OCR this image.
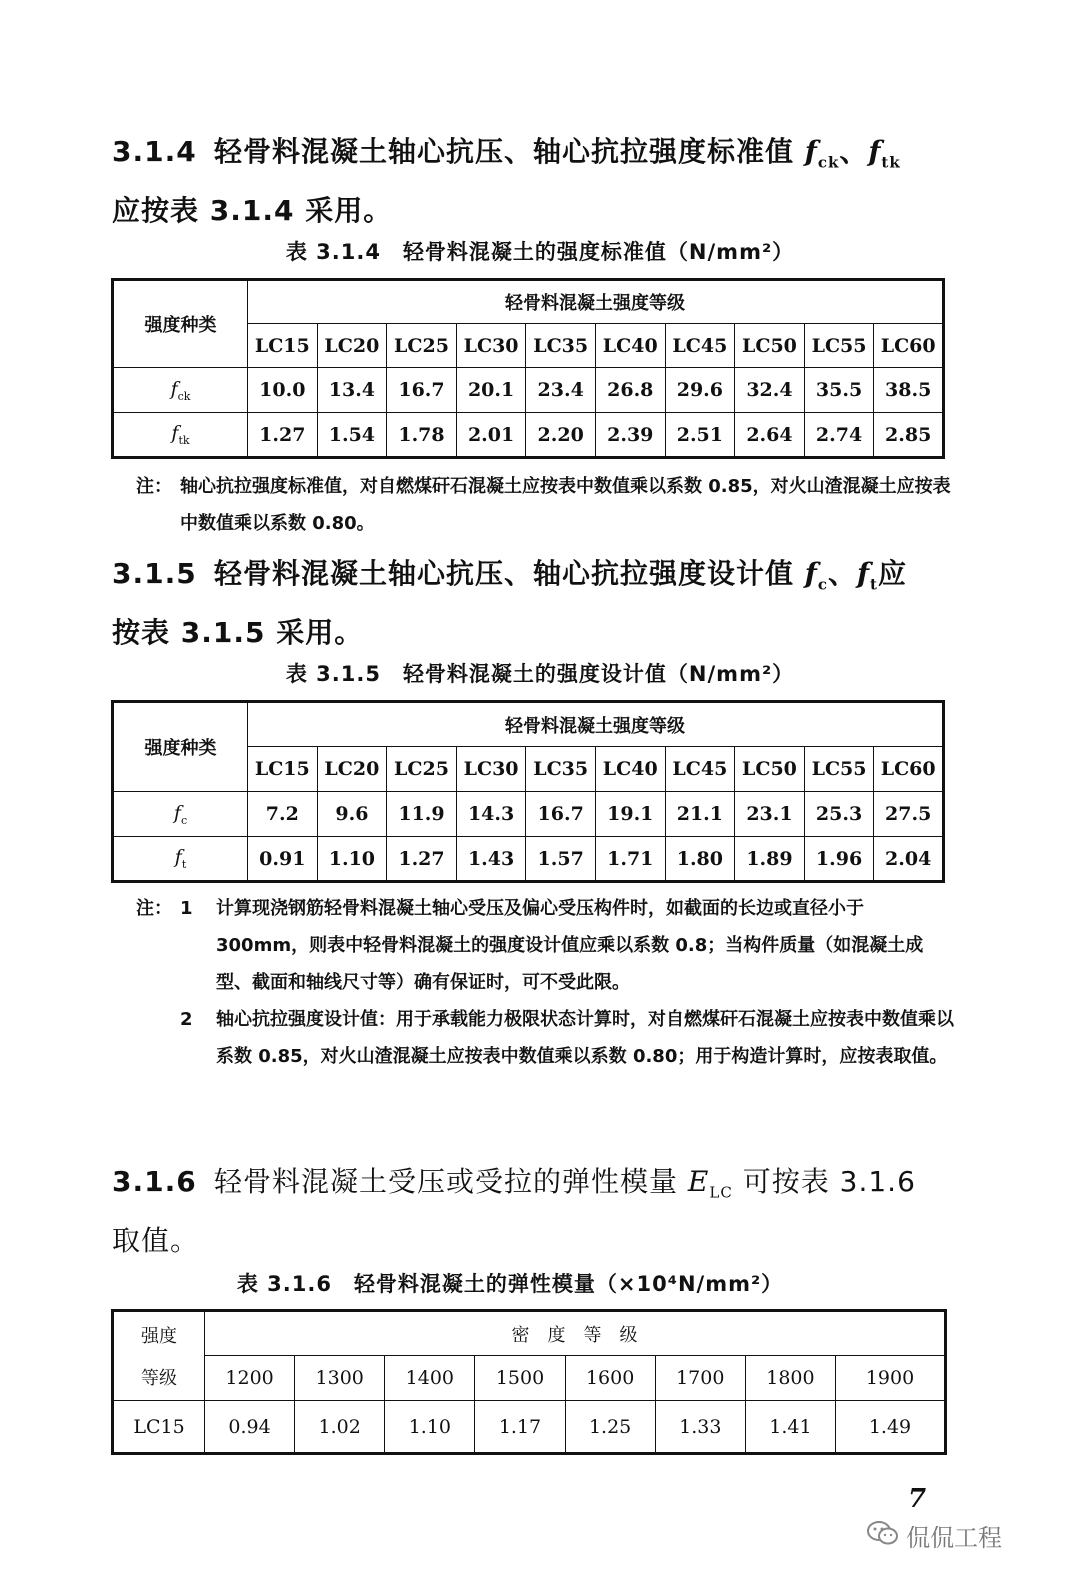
3.1.4 轻骨料混凝土轴心抗压、轴心抗拉强度标准值 $f_{ck}$、$f_{tk}$
应按表 3.1.4 采用。
表 3.1.4 轻骨料混凝土的强度标准值（N/mm²）
强度种类	轻骨料混凝土强度等级									
	LC15	LC20	LC25	LC30	LC35	LC40	LC45	LC50	LC55	LC60
$f_{ck}$	10.0	13.4	16.7	20.1	23.4	26.8	29.6	32.4	35.5	38.5
$f_{tk}$	1.27	1.54	1.78	2.01	2.20	2.39	2.51	2.64	2.74	2.85
注： 轴心抗拉强度标准值，对自燃煤矸石混凝土应按表中数值乘以系数 0.85，对火山渣混凝土应按表中数值乘以系数 0.80。
3.1.5 轻骨料混凝土轴心抗压、轴心抗拉强度设计值 $f_c$、$f_t$应
按表 3.1.5 采用。
表 3.1.5 轻骨料混凝土的强度设计值（N/mm²）
强度种类	轻骨料混凝土强度等级									
	LC15	LC20	LC25	LC30	LC35	LC40	LC45	LC50	LC55	LC60
$f_c$	7.2	9.6	11.9	14.3	16.7	19.1	21.1	23.1	25.3	27.5
$f_t$	0.91	1.10	1.27	1.43	1.57	1.71	1.80	1.89	1.96	2.04
注： 1 计算现浇钢筋轻骨料混凝土轴心受压及偏心受压构件时，如截面的长边或直径小于 300mm，则表中轻骨料混凝土的强度设计值应乘以系数 0.8；当构件质量（如混凝土成型、截面和轴线尺寸等）确有保证时，可不受此限。
2 轴心抗拉强度设计值：用于承载能力极限状态计算时，对自燃煤矸石混凝土应按表中数值乘以系数 0.85，对火山渣混凝土应按表中数值乘以系数 0.80；用于构造计算时，应按表取值。
3.1.6 轻骨料混凝土受压或受拉的弹性模量 $E_{LC}$ 可按表 3.1.6
取值。
表 3.1.6 轻骨料混凝土的弹性模量（×10⁴N/mm²）
强度
等级	密　度　等　级							
	1200	1300	1400	1500	1600	1700	1800	1900
LC15	0.94	1.02	1.10	1.17	1.25	1.33	1.41	1.49
7
侃侃工程
